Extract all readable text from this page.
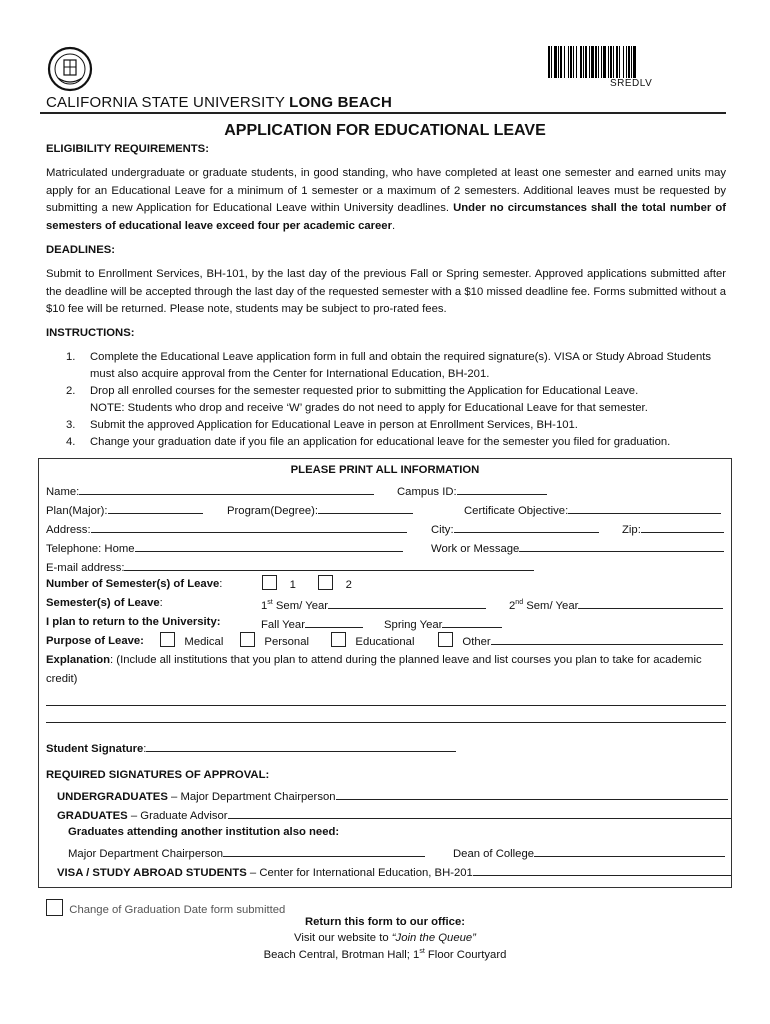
SREDLV
CALIFORNIA STATE UNIVERSITY LONG BEACH
APPLICATION FOR EDUCATIONAL LEAVE
ELIGIBILITY REQUIREMENTS:
Matriculated undergraduate or graduate students, in good standing, who have completed at least one semester and earned units may apply for an Educational Leave for a minimum of 1 semester or a maximum of 2 semesters. Additional leaves must be requested by submitting a new Application for Educational Leave within University deadlines. Under no circumstances shall the total number of semesters of educational leave exceed four per academic career.
DEADLINES:
Submit to Enrollment Services, BH-101, by the last day of the previous Fall or Spring semester. Approved applications submitted after the deadline will be accepted through the last day of the requested semester with a $10 missed deadline fee. Forms submitted without a $10 fee will be returned. Please note, students may be subject to pro-rated fees.
INSTRUCTIONS:
1. Complete the Educational Leave application form in full and obtain the required signature(s). VISA or Study Abroad Students must also acquire approval from the Center for International Education, BH-201.
2. Drop all enrolled courses for the semester requested prior to submitting the Application for Educational Leave.
NOTE: Students who drop and receive ‘W’ grades do not need to apply for Educational Leave for that semester.
3. Submit the approved Application for Educational Leave in person at Enrollment Services, BH-101.
4. Change your graduation date if you file an application for educational leave for the semester you filed for graduation.
PLEASE PRINT ALL INFORMATION
Name:	Campus ID:
Plan(Major):	Program(Degree):	Certificate Objective:
Address:	City:	Zip:
Telephone: Home	Work or Message
E-mail address:
Number of Semester(s) of Leave:	1	2
Semester(s) of Leave:	1st Sem/ Year	2nd Sem/ Year
I plan to return to the University:	Fall Year	Spring Year
Purpose of Leave:	Medical	Personal	Educational	Other
Explanation: (Include all institutions that you plan to attend during the planned leave and list courses you plan to take for academic
credit)
Student Signature:
REQUIRED SIGNATURES OF APPROVAL:
UNDERGRADUATES – Major Department Chairperson
GRADUATES – Graduate Advisor
Graduates attending another institution also need:
Major Department Chairperson	Dean of College
VISA / STUDY ABROAD STUDENTS – Center for International Education, BH-201
Change of Graduation Date form submitted
Return this form to our office:
Visit our website to “Join the Queue”
Beach Central, Brotman Hall; 1st Floor Courtyard
